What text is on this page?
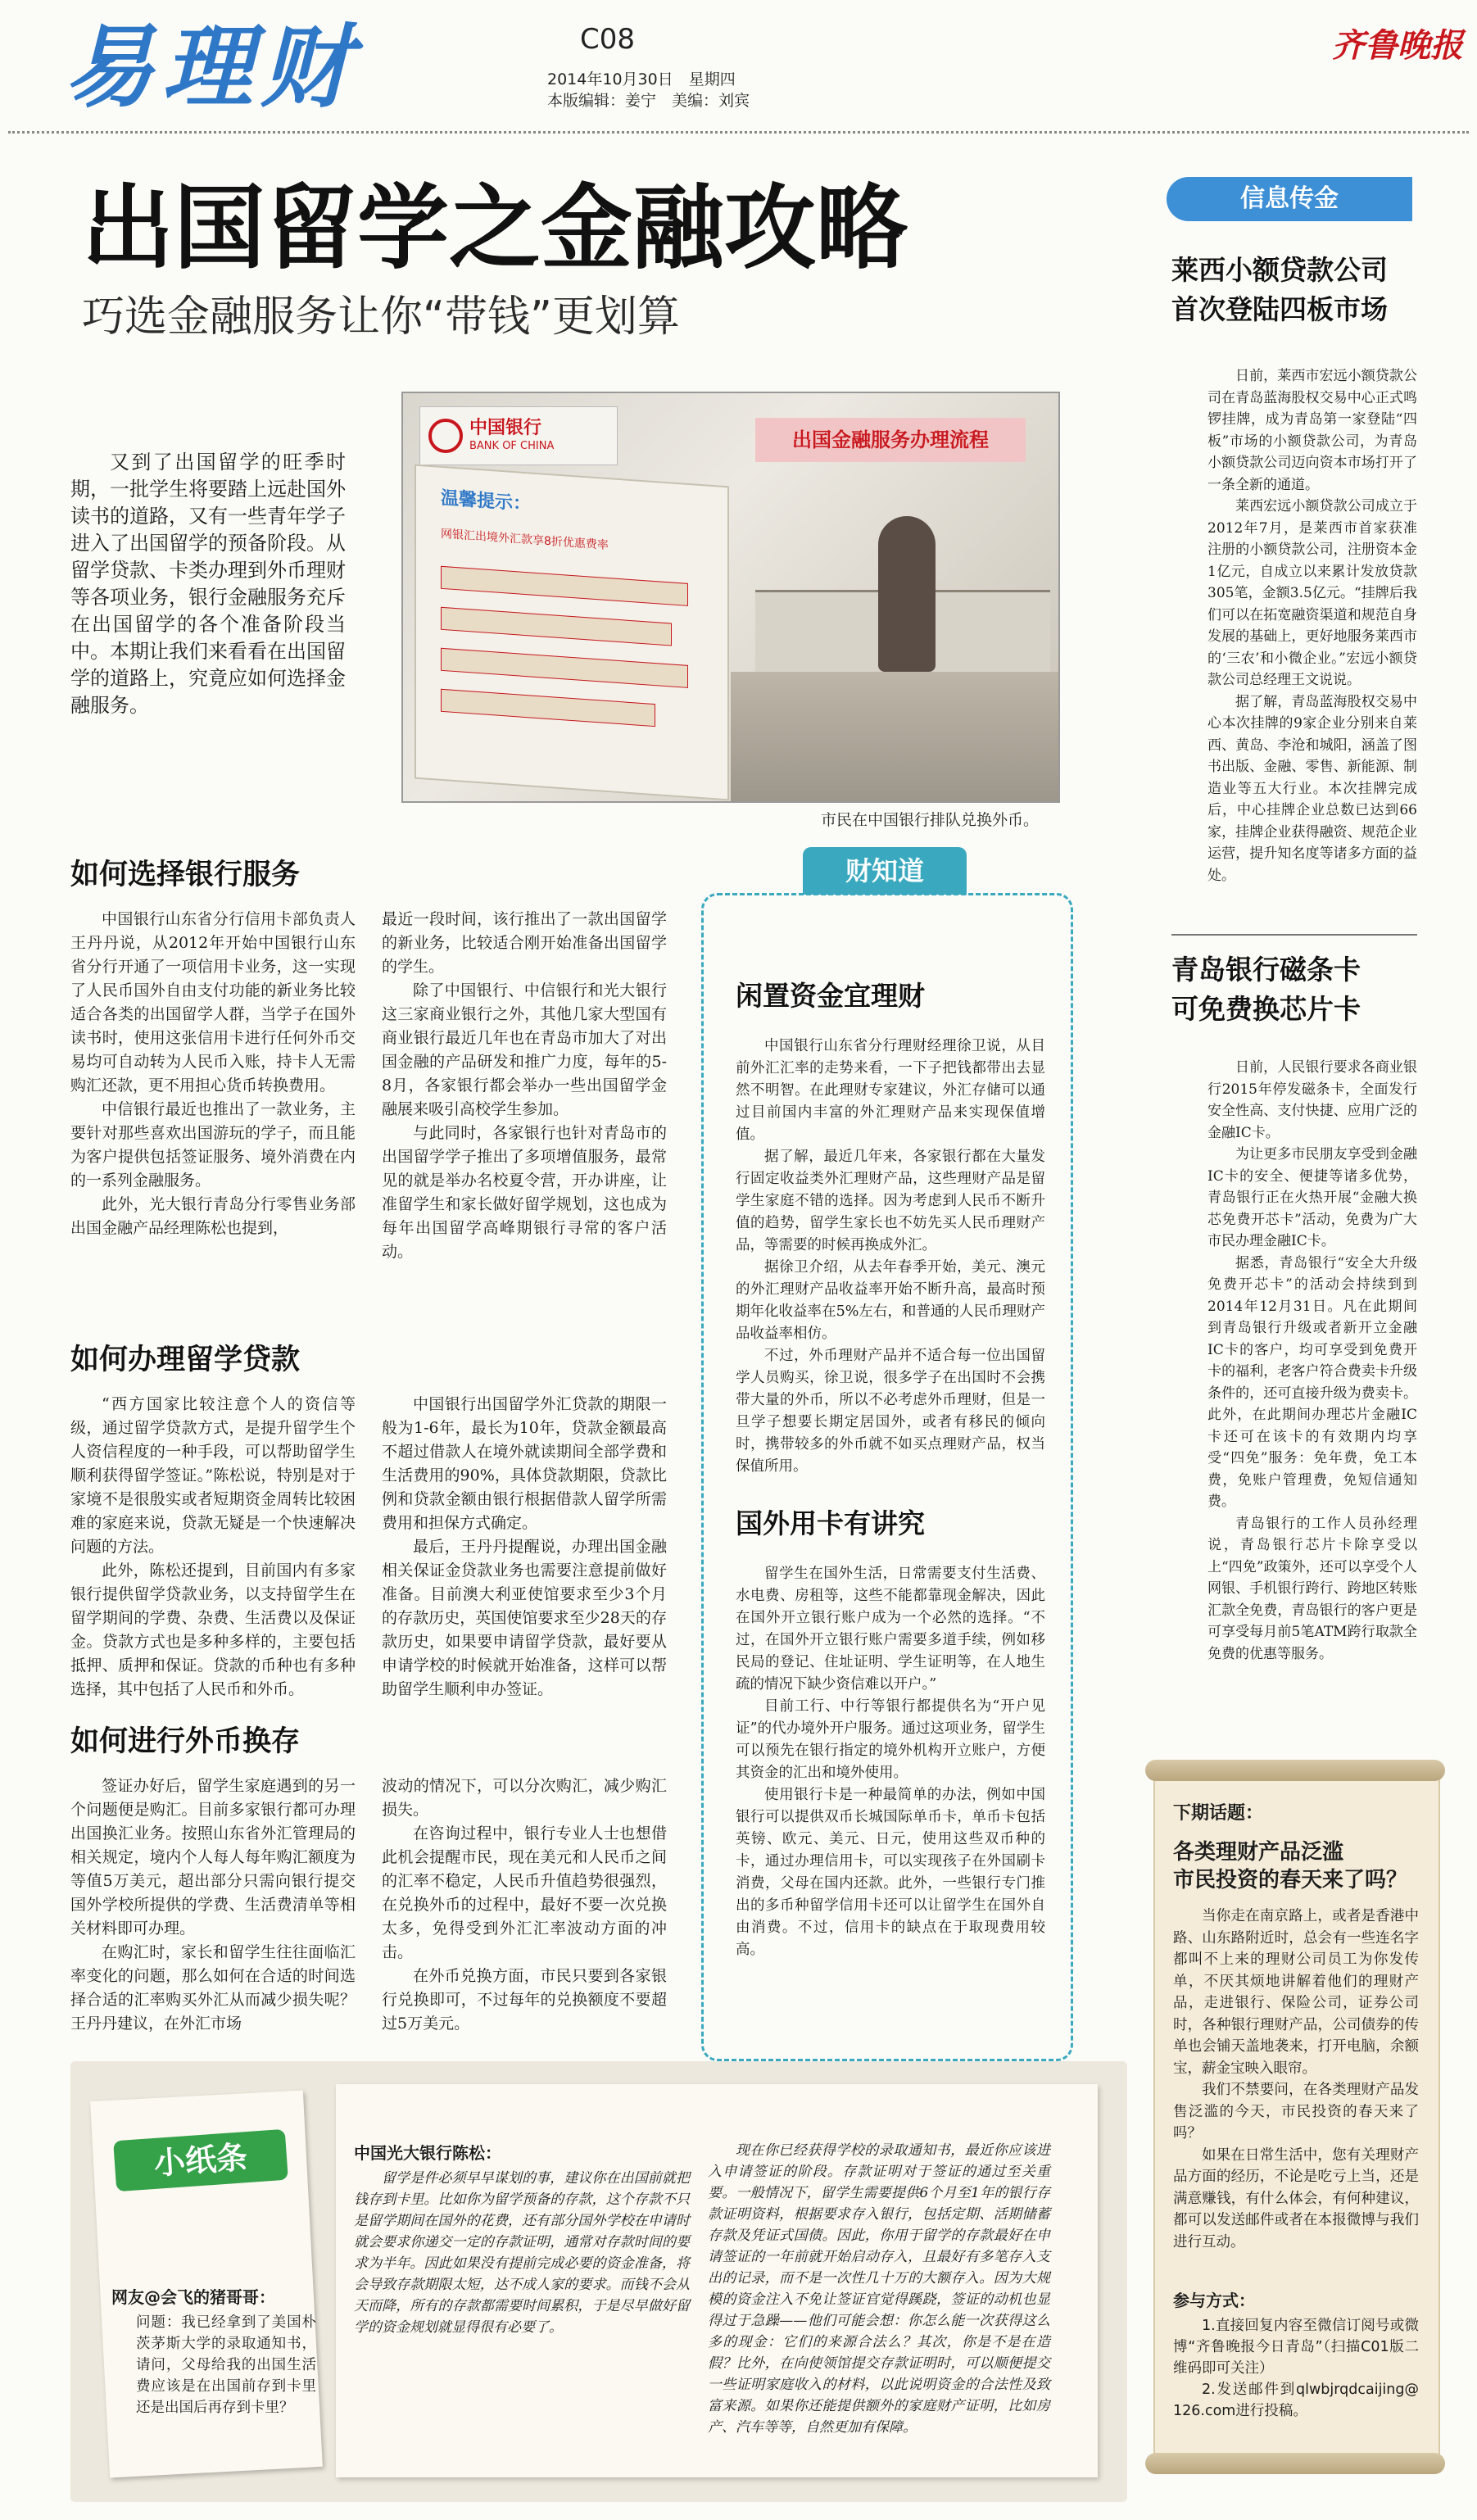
易理财	C08
2014年10月30日　星期四
本版编辑：姜宁　美编：刘宾
齐鲁晚报
出国留学之金融攻略
巧选金融服务让你“带钱”更划算
又到了出国留学的旺季时期，一批学生将要踏上远赴国外读书的道路，又有一些青年学子进入了出国留学的预备阶段。从留学贷款、卡类办理到外币理财等各项业务，银行金融服务充斥在出国留学的各个准备阶段当中。本期让我们来看看在出国留学的道路上，究竟应如何选择金融服务。
中国银行
BANK OF CHINA
温馨提示：
网银汇出境外汇款享8折优惠费率
出国金融服务办理流程
市民在中国银行排队兑换外币。
如何选择银行服务

中国银行山东省分行信用卡部负责人王丹丹说，从2012年开始中国银行山东省分行开通了一项信用卡业务，这一实现了人民币国外自由支付功能的新业务比较适合各类的出国留学人群，当学子在国外读书时，使用这张信用卡进行任何外币交易均可自动转为人民币入账，持卡人无需购汇还款，更不用担心货币转换费用。

中信银行最近也推出了一款业务，主要针对那些喜欢出国游玩的学子，而且能为客户提供包括签证服务、境外消费在内的一系列金融服务。

此外，光大银行青岛分行零售业务部出国金融产品经理陈松也提到，

最近一段时间，该行推出了一款出国留学的新业务，比较适合刚开始准备出国留学的学生。

除了中国银行、中信银行和光大银行这三家商业银行之外，其他几家大型国有商业银行最近几年也在青岛市加大了对出国金融的产品研发和推广力度，每年的5-8月，各家银行都会举办一些出国留学金融展来吸引高校学生参加。

与此同时，各家银行也针对青岛市的出国留学学子推出了多项增值服务，最常见的就是举办名校夏令营，开办讲座，让准留学生和家长做好留学规划，这也成为每年出国留学高峰期银行寻常的客户活动。

如何办理留学贷款

“西方国家比较注意个人的资信等级，通过留学贷款方式，是提升留学生个人资信程度的一种手段，可以帮助留学生顺利获得留学签证。”陈松说，特别是对于家境不是很殷实或者短期资金周转比较困难的家庭来说，贷款无疑是一个快速解决问题的方法。

此外，陈松还提到，目前国内有多家银行提供留学贷款业务，以支持留学生在留学期间的学费、杂费、生活费以及保证金。贷款方式也是多种多样的，主要包括抵押、质押和保证。贷款的币种也有多种选择，其中包括了人民币和外币。

中国银行出国留学外汇贷款的期限一般为1-6年，最长为10年，贷款金额最高不超过借款人在境外就读期间全部学费和生活费用的90%，具体贷款期限，贷款比例和贷款金额由银行根据借款人留学所需费用和担保方式确定。

最后，王丹丹提醒说，办理出国金融相关保证金贷款业务也需要注意提前做好准备。目前澳大利亚使馆要求至少3个月的存款历史，英国使馆要求至少28天的存款历史，如果要申请留学贷款，最好要从申请学校的时候就开始准备，这样可以帮助留学生顺利申办签证。

如何进行外币换存

签证办好后，留学生家庭遇到的另一个问题便是购汇。目前多家银行都可办理出国换汇业务。按照山东省外汇管理局的相关规定，境内个人每人每年购汇额度为等值5万美元，超出部分只需向银行提交国外学校所提供的学费、生活费清单等相关材料即可办理。

在购汇时，家长和留学生往往面临汇率变化的问题，那么如何在合适的时间选择合适的汇率购买外汇从而减少损失呢？王丹丹建议，在外汇市场

波动的情况下，可以分次购汇，减少购汇损失。

在咨询过程中，银行专业人士也想借此机会提醒市民，现在美元和人民币之间的汇率不稳定，人民币升值趋势很强烈，在兑换外币的过程中，最好不要一次兑换太多，免得受到外汇汇率波动方面的冲击。

在外币兑换方面，市民只要到各家银行兑换即可，不过每年的兑换额度不要超过5万美元。

财知道
闲置资金宜理财

中国银行山东省分行理财经理徐卫说，从目前外汇汇率的走势来看，一下子把钱都带出去显然不明智。在此理财专家建议，外汇存储可以通过目前国内丰富的外汇理财产品来实现保值增值。

据了解，最近几年来，各家银行都在大量发行固定收益类外汇理财产品，这些理财产品是留学生家庭不错的选择。因为考虑到人民币不断升值的趋势，留学生家长也不妨先买人民币理财产品，等需要的时候再换成外汇。

据徐卫介绍，从去年春季开始，美元、澳元的外汇理财产品收益率开始不断升高，最高时预期年化收益率在5%左右，和普通的人民币理财产品收益率相仿。

不过，外币理财产品并不适合每一位出国留学人员购买，徐卫说，很多学子在出国时不会携带大量的外币，所以不必考虑外币理财，但是一旦学子想要长期定居国外，或者有移民的倾向时，携带较多的外币就不如买点理财产品，权当保值所用。

国外用卡有讲究

留学生在国外生活，日常需要支付生活费、水电费、房租等，这些不能都靠现金解决，因此在国外开立银行账户成为一个必然的选择。“不过，在国外开立银行账户需要多道手续，例如移民局的登记、住址证明、学生证明等，在人地生疏的情况下缺少资信难以开户。”

目前工行、中行等银行都提供名为“开户见证”的代办境外开户服务。通过这项业务，留学生可以预先在银行指定的境外机构开立账户，方便其资金的汇出和境外使用。

使用银行卡是一种最简单的办法，例如中国银行可以提供双币长城国际单币卡，单币卡包括英镑、欧元、美元、日元，使用这些双币种的卡，通过办理信用卡，可以实现孩子在外国刷卡消费，父母在国内还款。此外，一些银行专门推出的多币种留学信用卡还可以让留学生在国外自由消费。不过，信用卡的缺点在于取现费用较高。

信息传金
莱西小额贷款公司
首次登陆四板市场

日前，莱西市宏远小额贷款公司在青岛蓝海股权交易中心正式鸣锣挂牌，成为青岛第一家登陆“四板”市场的小额贷款公司，为青岛小额贷款公司迈向资本市场打开了一条全新的通道。

莱西宏远小额贷款公司成立于2012年7月，是莱西市首家获准注册的小额贷款公司，注册资本金1亿元，自成立以来累计发放贷款305笔，金额3.5亿元。“挂牌后我们可以在拓宽融资渠道和规范自身发展的基础上，更好地服务莱西市的‘三农’和小微企业。”宏远小额贷款公司总经理王文说说。

据了解，青岛蓝海股权交易中心本次挂牌的9家企业分别来自莱西、黄岛、李沧和城阳，涵盖了图书出版、金融、零售、新能源、制造业等五大行业。本次挂牌完成后，中心挂牌企业总数已达到66家，挂牌企业获得融资、规范企业运营，提升知名度等诸多方面的益处。

青岛银行磁条卡
可免费换芯片卡

日前，人民银行要求各商业银行2015年停发磁条卡，全面发行安全性高、支付快捷、应用广泛的金融IC卡。

为让更多市民朋友享受到金融IC卡的安全、便捷等诸多优势，青岛银行正在火热开展“金融大换芯免费开芯卡”活动，免费为广大市民办理金融IC卡。

据悉，青岛银行“安全大升级免费开芯卡”的活动会持续到到2014年12月31日。凡在此期间到青岛银行升级或者新开立金融IC卡的客户，均可享受到免费开卡的福利，老客户符合费卖卡升级条件的，还可直接升级为费卖卡。此外，在此期间办理芯片金融IC卡还可在该卡的有效期内均享受“四免”服务：免年费，免工本费，免账户管理费，免短信通知费。

青岛银行的工作人员孙经理说，青岛银行芯片卡除享受以上“四免”政策外，还可以享受个人网银、手机银行跨行、跨地区转账汇款全免费，青岛银行的客户更是可享受每月前5笔ATM跨行取款全免费的优惠等服务。

下期话题：
各类理财产品泛滥
市民投资的春天来了吗？

当你走在南京路上，或者是香港中路、山东路附近时，总会有一些连名字都叫不上来的理财公司员工为你发传单，不厌其烦地讲解着他们的理财产品，走进银行、保险公司，证券公司时，各种银行理财产品，公司债券的传单也会铺天盖地袭来，打开电脑，余额宝，薪金宝映入眼帘。

我们不禁要问，在各类理财产品发售泛滥的今天，市民投资的春天来了吗？

如果在日常生活中，您有关理财产品方面的经历，不论是吃亏上当，还是满意赚钱，有什么体会，有何种建议，都可以发送邮件或者在本报微博与我们进行互动。

参与方式：

1.直接回复内容至微信订阅号或微博“齐鲁晚报今日青岛”（扫描C01版二维码即可关注）

2.发送邮件到qlwbjrqdcaijing@126.com进行投稿。

小纸条
网友@会飞的猪哥哥：

问题：我已经拿到了美国朴茨茅斯大学的录取通知书，请问，父母给我的出国生活费应该是在出国前存到卡里还是出国后再存到卡里？

中国光大银行陈松：

留学是件必须早早谋划的事，建议你在出国前就把钱存到卡里。比如你为留学预备的存款，这个存款不只是留学期间在国外的花费，还有部分国外学校在申请时就会要求你递交一定的存款证明，通常对存款时间的要求为半年。因此如果没有提前完成必要的资金准备，将会导致存款期限太短，达不成人家的要求。而钱不会从天而降，所有的存款都需要时间累积，于是尽早做好留学的资金规划就显得很有必要了。

现在你已经获得学校的录取通知书，最近你应该进入申请签证的阶段。存款证明对于签证的通过至关重要。一般情况下，留学生需要提供6个月至1年的银行存款证明资料，根据要求存入银行，包括定期、活期储蓄存款及凭证式国债。因此，你用于留学的存款最好在申请签证的一年前就开始启动存入，且最好有多笔存入支出的记录，而不是一次性几十万的大额存入。因为大规模的资金注入不免让签证官觉得蹊跷，签证的动机也显得过于急躁——他们可能会想：你怎么能一次获得这么多的现金：它们的来源合法么？其次，你是不是在造假？比外，在向使领馆提交存款证明时，可以顺便提交一些证明家庭收入的材料，以此说明资金的合法性及致富来源。如果你还能提供额外的家庭财产证明，比如房产、汽车等等，自然更加有保障。
